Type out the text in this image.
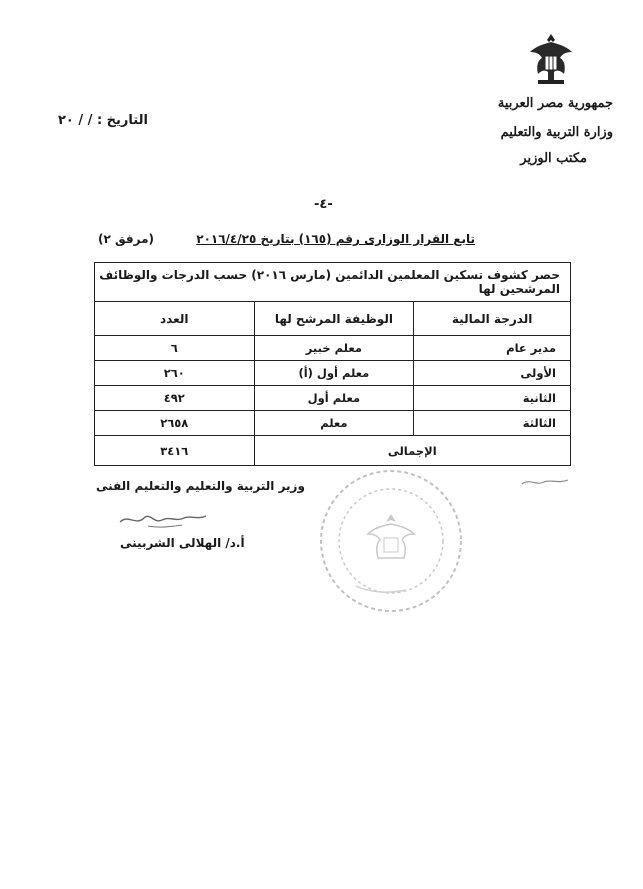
جمهورية مصر العربية
وزارة التربية والتعليم
مكتب الوزير
التاريخ : / / ٢٠
-٤-
تابع القرار الوزارى رقم (١٦٥) بتاريخ ٢٠١٦/٤/٢٥
(مرفق ٢)
حصر كشوف تسكين المعلمين الدائمين (مارس ٢٠١٦) حسب الدرجات والوظائف المرشحين لها		
الدرجة المالية	الوظيفة المرشح لها	العدد
مدير عام	معلم خبير	٦
الأولى	معلم أول (أ)	٢٦٠
الثانية	معلم أول	٤٩٢
الثالثة	معلم	٢٦٥٨
الإجمالى		٣٤١٦
وزير التربية والتعليم والتعليم الفنى
أ.د/ الهلالى الشربينى
